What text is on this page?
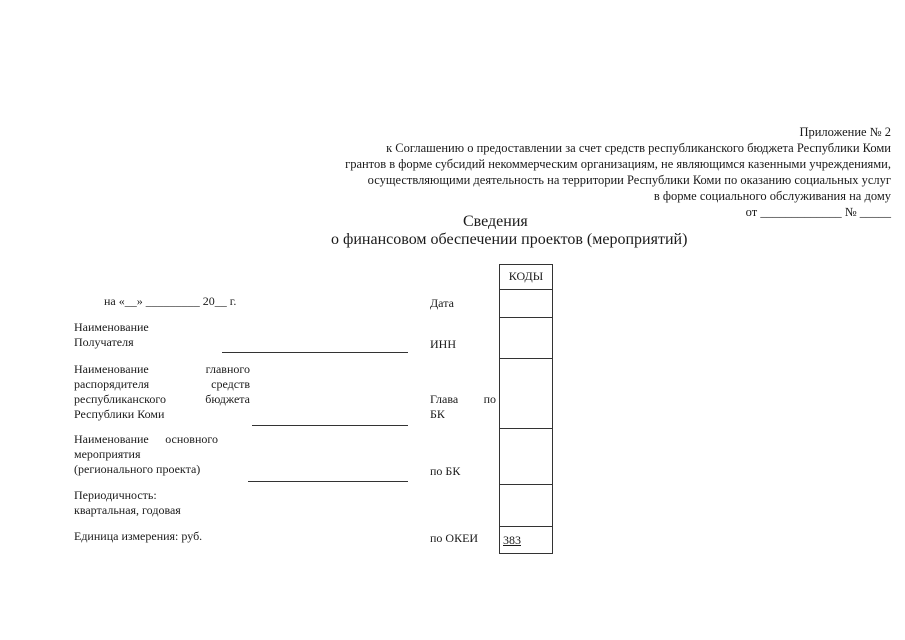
Приложение № 2
к Соглашению о предоставлении за счет средств республиканского бюджета Республики Коми
грантов в форме субсидий некоммерческим организациям, не являющимся казенными учреждениями,
осуществляющими деятельность на территории Республики Коми по оказанию социальных услуг
в форме социального обслуживания на дому
от _____________ № _____
Сведения
о финансовом обеспечении проектов (мероприятий)
на «__» _________ 20__ г.
Наименование
Получателя
Наименование главного
распорядителя средств
республиканского бюджета
Республики Коми
Наименование основного
мероприятия
(регионального проекта)
Периодичность:
квартальная, годовая
Единица измерения: руб.
Дата
ИНН
Глава по
БК
по БК
по ОКЕИ
КОДЫ
383
